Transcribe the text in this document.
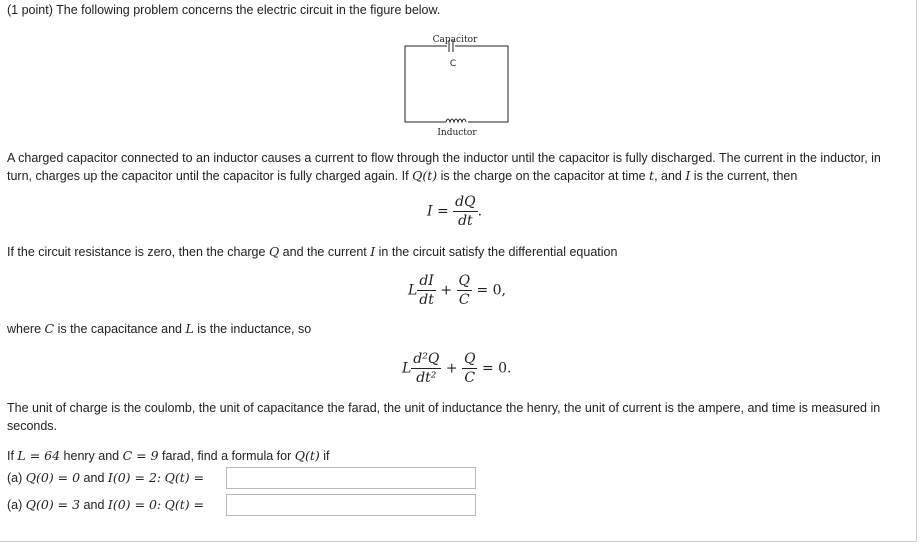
(1 point) The following problem concerns the electric circuit in the figure below.
Capacitor
C
Inductor
A charged capacitor connected to an inductor causes a current to flow through the inductor until the capacitor is fully discharged. The current in the inductor, in
turn, charges up the capacitor until the capacitor is fully charged again. If Q(t) is the charge on the capacitor at time t, and I is the current, then
$I = \frac{dQ}{dt}$ .
If the circuit resistance is zero, then the charge Q and the current I in the circuit satisfy the differential equation
L $\frac{dI}{dt} + \frac{Q}{C} = 0$,
where C is the capacitance and L is the inductance, so
L $\frac{\text{d²Q}}{\text{dt²}} + \frac{Q}{C} = 0$.
The unit of charge is the coulomb, the unit of capacitance the farad, the unit of inductance the henry, the unit of current is the ampere, and time is measured in
seconds.
If L = 64 henry and C = 9 farad, find a formula for Q(t) if
(a) Q(0) = 0 and I(0) = 2: Q(t) =
(a) Q(0) = 3 and I(0) = 0: Q(t) =
